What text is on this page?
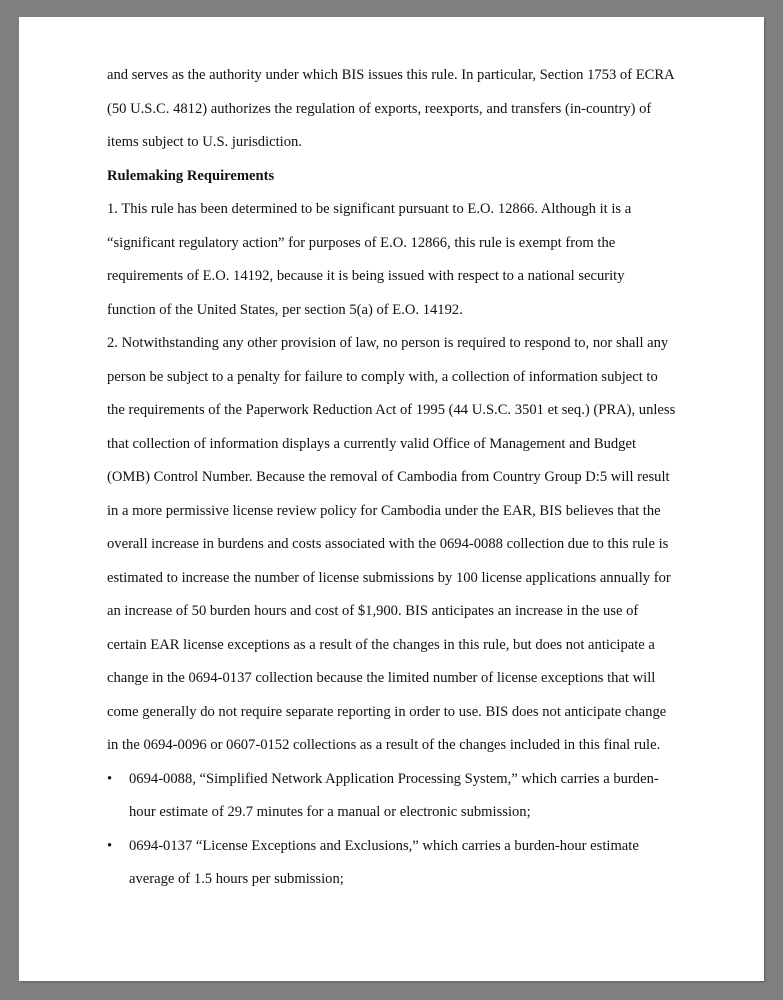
and serves as the authority under which BIS issues this rule. In particular, Section 1753 of ECRA
(50 U.S.C. 4812) authorizes the regulation of exports, reexports, and transfers (in-country) of
items subject to U.S. jurisdiction.
Rulemaking Requirements
1. This rule has been determined to be significant pursuant to E.O. 12866. Although it is a
“significant regulatory action” for purposes of E.O. 12866, this rule is exempt from the
requirements of E.O. 14192, because it is being issued with respect to a national security
function of the United States, per section 5(a) of E.O. 14192.
2. Notwithstanding any other provision of law, no person is required to respond to, nor shall any
person be subject to a penalty for failure to comply with, a collection of information subject to
the requirements of the Paperwork Reduction Act of 1995 (44 U.S.C. 3501 et seq.) (PRA), unless
that collection of information displays a currently valid Office of Management and Budget
(OMB) Control Number. Because the removal of Cambodia from Country Group D:5 will result
in a more permissive license review policy for Cambodia under the EAR, BIS believes that the
overall increase in burdens and costs associated with the 0694-0088 collection due to this rule is
estimated to increase the number of license submissions by 100 license applications annually for
an increase of 50 burden hours and cost of $1,900. BIS anticipates an increase in the use of
certain EAR license exceptions as a result of the changes in this rule, but does not anticipate a
change in the 0694-0137 collection because the limited number of license exceptions that will
come generally do not require separate reporting in order to use. BIS does not anticipate change
in the 0694-0096 or 0607-0152 collections as a result of the changes included in this final rule.
•	0694-0088, “Simplified Network Application Processing System,” which carries a burden-
hour estimate of 29.7 minutes for a manual or electronic submission;
•	0694-0137 “License Exceptions and Exclusions,” which carries a burden-hour estimate
average of 1.5 hours per submission;
